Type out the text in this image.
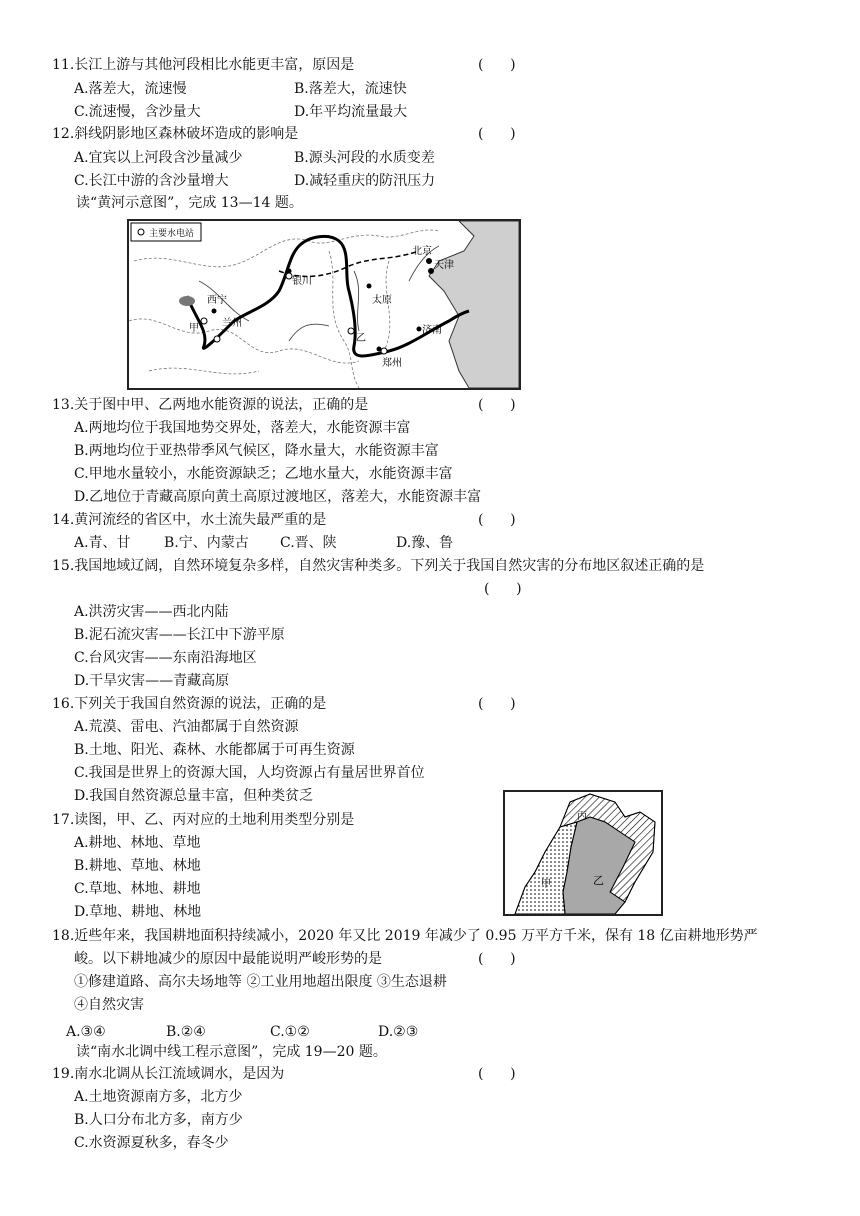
11.长江上游与其他河段相比水能更丰富，原因是	(      )
A.落差大，流速慢	B.落差大，流速快
C.流速慢，含沙量大	D.年平均流量最大
12.斜线阴影地区森林破坏造成的影响是	(      )
A.宜宾以上河段含沙量减少	B.源头河段的水质变差
C.长江中游的含沙量增大	D.减轻重庆的防汛压力
读“黄河示意图”，完成 13—14 题。
主要水电站
北京
天津
银川
西宁
兰州
太原
济南
郑州
甲
乙
13.关于图中甲、乙两地水能资源的说法，正确的是	(      )
A.两地均位于我国地势交界处，落差大，水能资源丰富
B.两地均位于亚热带季风气候区，降水量大，水能资源丰富
C.甲地水量较小，水能资源缺乏；乙地水量大，水能资源丰富
D.乙地位于青藏高原向黄土高原过渡地区，落差大，水能资源丰富
14.黄河流经的省区中，水土流失最严重的是	(      )
A.青、甘 B.宁、内蒙古 C.晋、陕	D.豫、鲁
15.我国地域辽阔，自然环境复杂多样，自然灾害种类多。下列关于我国自然灾害的分布地区叙述正确的是
(      )
A.洪涝灾害——西北内陆
B.泥石流灾害——长江中下游平原
C.台风灾害——东南沿海地区
D.干旱灾害——青藏高原
16.下列关于我国自然资源的说法，正确的是	(      )
A.荒漠、雷电、汽油都属于自然资源
B.土地、阳光、森林、水能都属于可再生资源
C.我国是世界上的资源大国，人均资源占有量居世界首位
D.我国自然资源总量丰富，但种类贫乏
17.读图，甲、乙、丙对应的土地利用类型分别是
A.耕地、林地、草地
B.耕地、草地、林地
C.草地、林地、耕地
D.草地、耕地、林地
丙
乙
甲
18.近些年来，我国耕地面积持续减小，2020 年又比 2019 年减少了 0.95 万平方千米，保有 18 亿亩耕地形势严
峻。以下耕地减少的原因中最能说明严峻形势的是	(      )
①修建道路、高尔夫场地等 ②工业用地超出限度 ③生态退耕
④自然灾害
A.③④	B.②④	C.①②	D.②③
读“南水北调中线工程示意图”，完成 19—20 题。
19.南水北调从长江流域调水，是因为	(      )
A.土地资源南方多，北方少
B.人口分布北方多，南方少
C.水资源夏秋多，春冬少
